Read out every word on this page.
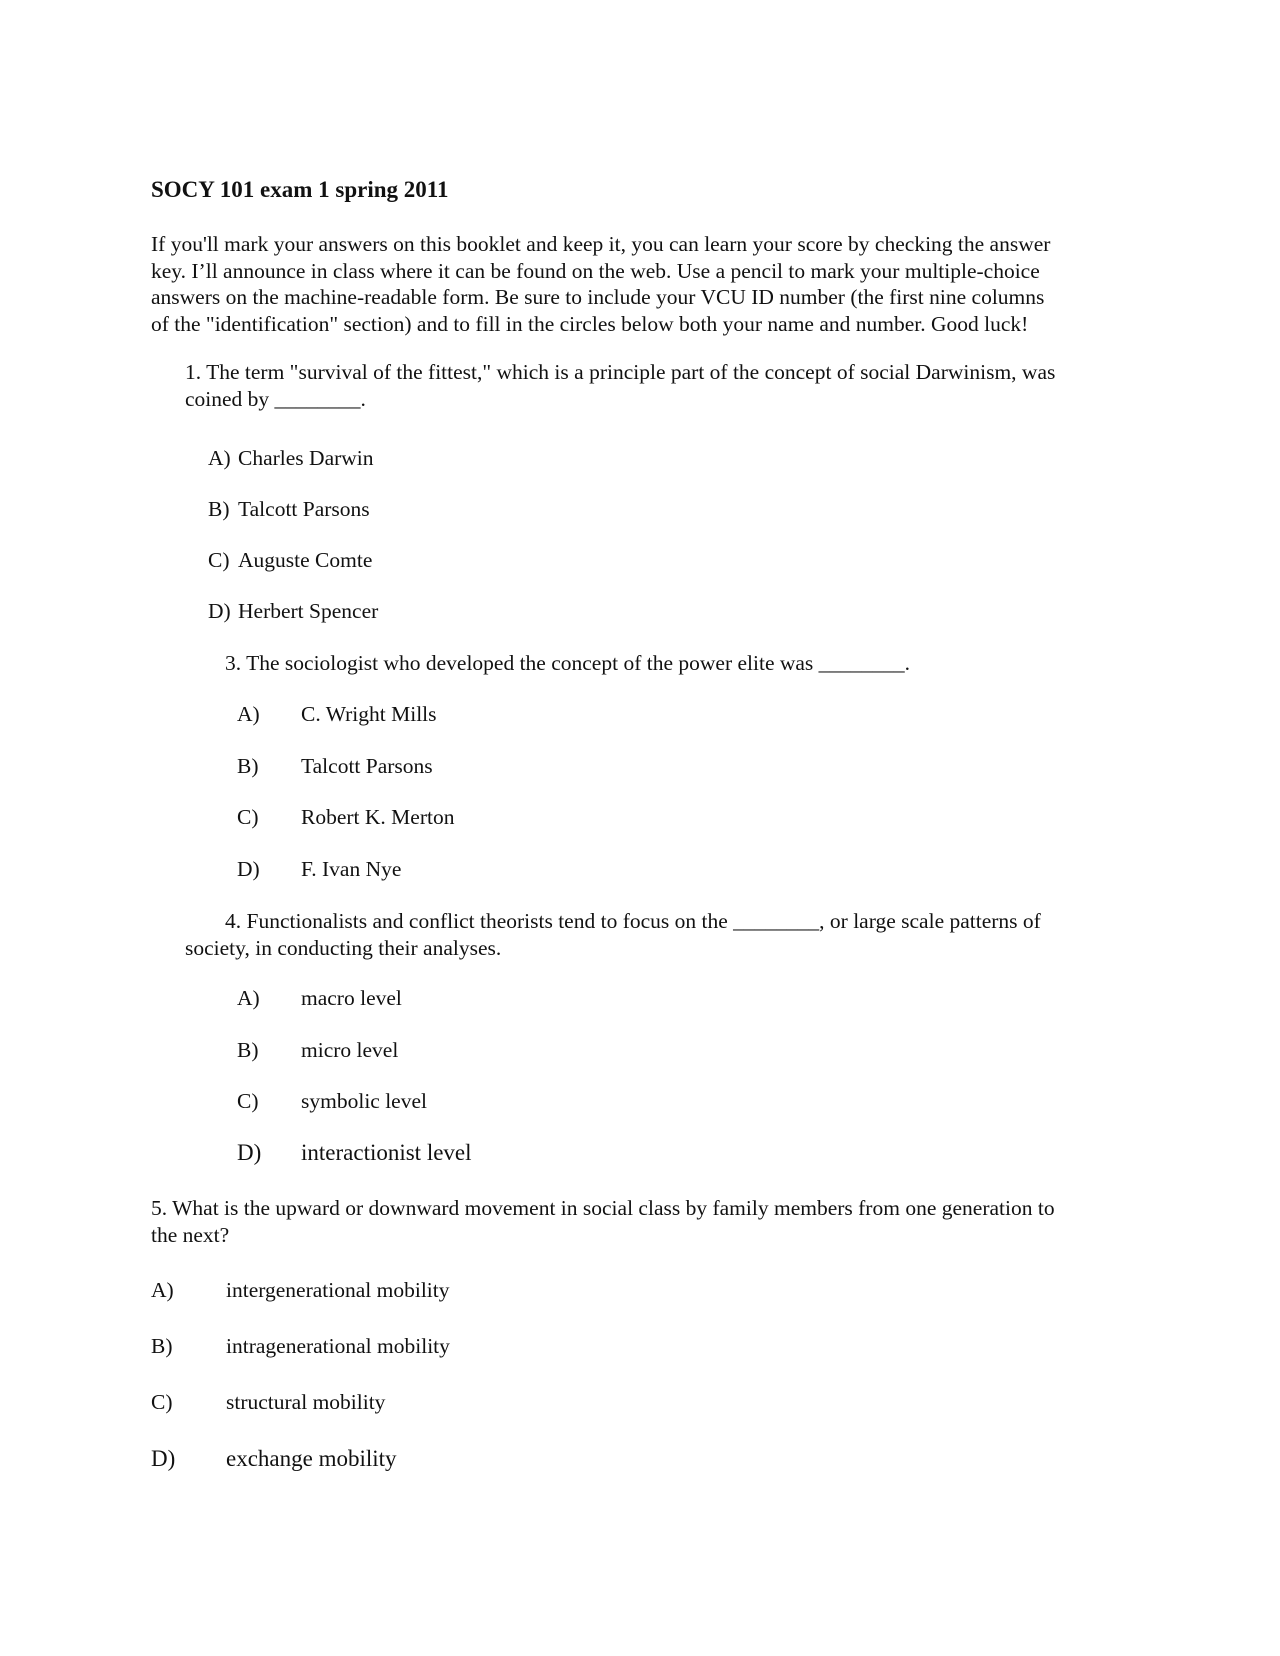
SOCY 101 exam 1 spring 2011
If you'll mark your answers on this booklet and keep it, you can learn your score by checking the answer
key. I’ll announce in class where it can be found on the web. Use a pencil to mark your multiple-choice
answers on the machine-readable form. Be sure to include your VCU ID number (the first nine columns
of the "identification" section) and to fill in the circles below both your name and number. Good luck!
1. The term "survival of the fittest," which is a principle part of the concept of social Darwinism, was
coined by ________.
A) Charles Darwin
B) Talcott Parsons
C) Auguste Comte
D) Herbert Spencer
3. The sociologist who developed the concept of the power elite was ________.
A) C. Wright Mills
B) Talcott Parsons
C) Robert K. Merton
D) F. Ivan Nye
4. Functionalists and conflict theorists tend to focus on the ________, or large scale patterns of
society, in conducting their analyses.
A) macro level
B) micro level
C) symbolic level
D) interactionist level
5. What is the upward or downward movement in social class by family members from one generation to
the next?
A) intergenerational mobility
B) intragenerational mobility
C) structural mobility
D) exchange mobility
